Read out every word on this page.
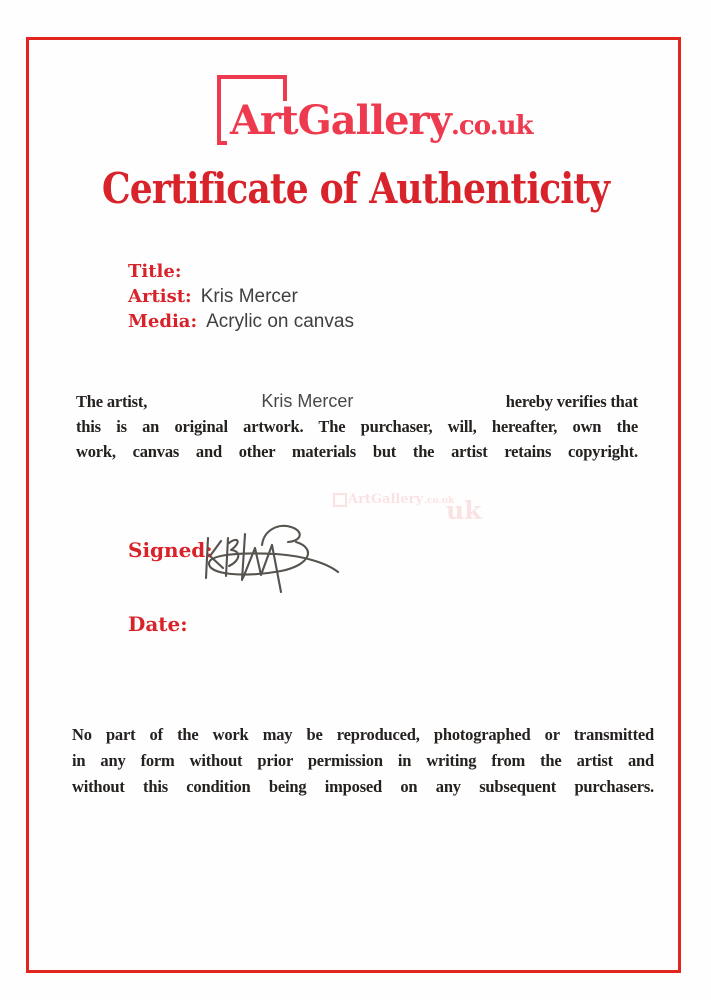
Art Gallery .co.uk
Certificate of Authenticity
Title:
Artist: Kris Mercer
Media: Acrylic on canvas
The artist,	Kris Mercer	hereby verifies that
this is an original artwork. The purchaser, will, hereafter, own the
work, canvas and other materials but the artist retains copyright.
Signed:
Date:
No part of the work may be reproduced, photographed or transmitted
in any form without prior permission in writing from the artist and
without this condition being imposed on any subsequent purchasers.
ArtGallery .co.uk
uk
